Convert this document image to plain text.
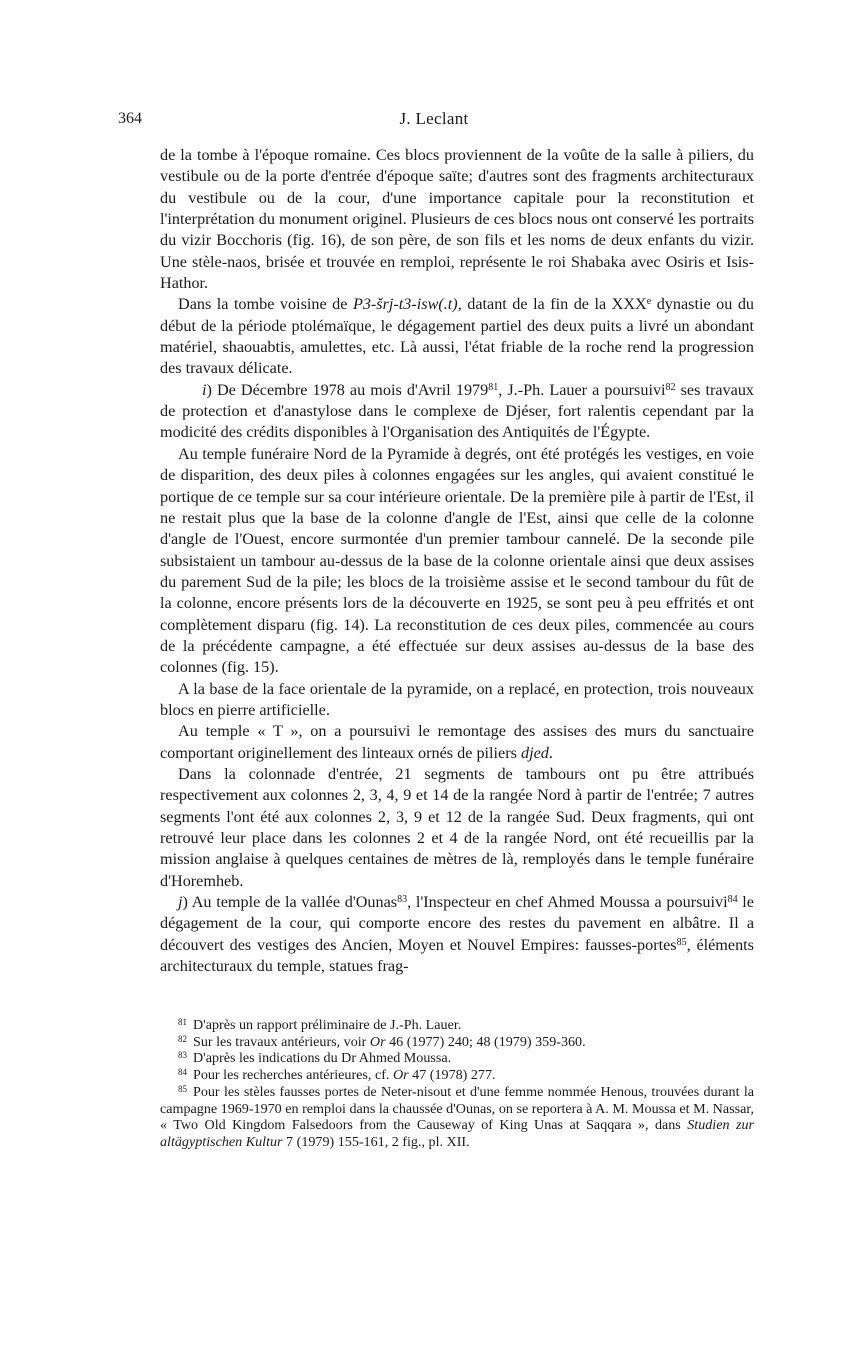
364	J. Leclant

de la tombe à l'époque romaine. Ces blocs proviennent de la voûte de la salle à piliers, du vestibule ou de la porte d'entrée d'époque saïte; d'autres sont des fragments architecturaux du vestibule ou de la cour, d'une importance capitale pour la reconstitution et l'interprétation du monument originel. Plusieurs de ces blocs nous ont conservé les portraits du vizir Bocchoris (fig. 16), de son père, de son fils et les noms de deux enfants du vizir. Une stèle-naos, brisée et trouvée en remploi, représente le roi Shabaka avec Osiris et Isis-Hathor.

Dans la tombe voisine de P3-šrj-t3-isw(.t), datant de la fin de la XXXe dynastie ou du début de la période ptolémaïque, le dégagement partiel des deux puits a livré un abondant matériel, shaouabtis, amulettes, etc. Là aussi, l'état friable de la roche rend la progression des travaux délicate.

i) De Décembre 1978 au mois d'Avril 1979$^{81}$, J.-Ph. Lauer a poursuivi$^{82}$ ses travaux de protection et d'anastylose dans le complexe de Djéser, fort ralentis cependant par la modicité des crédits disponibles à l'Organisation des Antiquités de l'Égypte.

Au temple funéraire Nord de la Pyramide à degrés, ont été protégés les vestiges, en voie de disparition, des deux piles à colonnes engagées sur les angles, qui avaient constitué le portique de ce temple sur sa cour intérieure orientale. De la première pile à partir de l'Est, il ne restait plus que la base de la colonne d'angle de l'Est, ainsi que celle de la colonne d'angle de l'Ouest, encore surmontée d'un premier tambour cannelé. De la seconde pile subsistaient un tambour au-dessus de la base de la colonne orientale ainsi que deux assises du parement Sud de la pile; les blocs de la troisième assise et le second tambour du fût de la colonne, encore présents lors de la découverte en 1925, se sont peu à peu effrités et ont complètement disparu (fig. 14). La reconstitution de ces deux piles, commencée au cours de la précédente campagne, a été effectuée sur deux assises au-dessus de la base des colonnes (fig. 15).

A la base de la face orientale de la pyramide, on a replacé, en protection, trois nouveaux blocs en pierre artificielle.

Au temple « T », on a poursuivi le remontage des assises des murs du sanctuaire comportant originellement des linteaux ornés de piliers djed.

Dans la colonnade d'entrée, 21 segments de tambours ont pu être attribués respectivement aux colonnes 2, 3, 4, 9 et 14 de la rangée Nord à partir de l'entrée; 7 autres segments l'ont été aux colonnes 2, 3, 9 et 12 de la rangée Sud. Deux fragments, qui ont retrouvé leur place dans les colonnes 2 et 4 de la rangée Nord, ont été recueillis par la mission anglaise à quelques centaines de mètres de là, remployés dans le temple funéraire d'Horemheb.

j) Au temple de la vallée d'Ounas$^{83}$, l'Inspecteur en chef Ahmed Moussa a poursuivi$^{84}$ le dégagement de la cour, qui comporte encore des restes du pavement en albâtre. Il a découvert des vestiges des Ancien, Moyen et Nouvel Empires: fausses-portes$^{85}$, éléments architecturaux du temple, statues frag-

$^{81}$ D'après un rapport préliminaire de J.-Ph. Lauer.

$^{82}$ Sur les travaux antérieurs, voir Or 46 (1977) 240; 48 (1979) 359-360.

$^{83}$ D'après les indications du Dr Ahmed Moussa.

$^{84}$ Pour les recherches antérieures, cf. Or 47 (1978) 277.

$^{85}$ Pour les stèles fausses portes de Neter-nisout et d'une femme nommée Henous, trouvées durant la campagne 1969-1970 en remploi dans la chaussée d'Ounas, on se reportera à A. M. Moussa et M. Nassar, « Two Old Kingdom Falsedoors from the Causeway of King Unas at Saqqara », dans Studien zur altägyptischen Kultur 7 (1979) 155-161, 2 fig., pl. XII.
